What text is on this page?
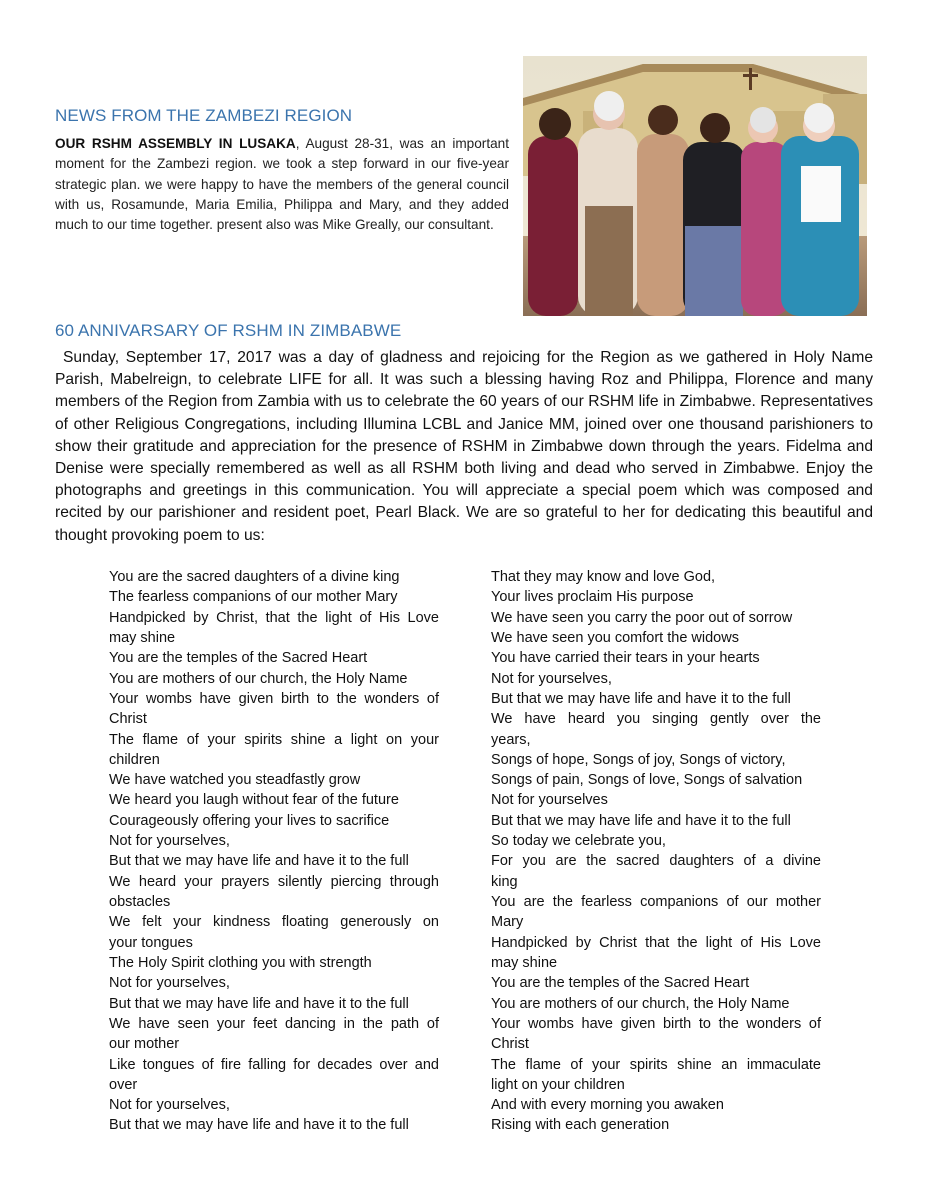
NEWS FROM THE ZAMBEZI REGION
OUR RSHM ASSEMBLY IN LUSAKA, August 28-31, was an important moment for the Zambezi region. we took a step forward in our five-year strategic plan. we were happy to have the members of the general council with us, Rosamunde, Maria Emilia, Philippa and Mary, and they added much to our time together. present also was Mike Greally, our consultant.
60 ANNIVARSARY OF RSHM IN ZIMBABWE
Sunday, September 17, 2017 was a day of gladness and rejoicing for the Region as we gathered in Holy Name Parish, Mabelreign, to celebrate LIFE for all. It was such a blessing having Roz and Philippa, Florence and many members of the Region from Zambia with us to celebrate the 60 years of our RSHM life in Zimbabwe. Representatives of other Religious Congregations, including Illumina LCBL and Janice MM, joined over one thousand parishioners to show their gratitude and appreciation for the presence of RSHM in Zimbabwe down through the years. Fidelma and Denise were specially remembered as well as all RSHM both living and dead who served in Zimbabwe. Enjoy the photographs and greetings in this communication. You will appreciate a special poem which was composed and recited by our parishioner and resident poet, Pearl Black. We are so grateful to her for dedicating this beautiful and thought provoking poem to us:
You are the sacred daughters of a divine king
The fearless companions of our mother Mary
Handpicked by Christ, that the light of His Love
may shine
You are the temples of the Sacred Heart
You are mothers of our church, the Holy Name
Your wombs have given birth to the wonders of
Christ
The flame of your spirits shine a light on your
children
We have watched you steadfastly grow
We heard you laugh without fear of the future
Courageously offering your lives to sacrifice
Not for yourselves,
But that we may have life and have it to the full
We heard your prayers silently piercing through
obstacles
We felt your kindness floating generously on
your tongues
The Holy Spirit clothing you with strength
Not for yourselves,
But that we may have life and have it to the full
We have seen your feet dancing in the path of
our mother
Like tongues of fire falling for decades over and
over
Not for yourselves,
But that we may have life and have it to the full
That they may know and love God,
Your lives proclaim His purpose
We have seen you carry the poor out of sorrow
We have seen you comfort the widows
You have carried their tears in your hearts
Not for yourselves,
But that we may have life and have it to the full
We have heard you singing gently over the
years,
Songs of hope, Songs of joy, Songs of victory,
Songs of pain, Songs of love, Songs of salvation
Not for yourselves
But that we may have life and have it to the full
So today we celebrate you,
For you are the sacred daughters of a divine
king
You are the fearless companions of our mother
Mary
Handpicked by Christ that the light of His Love
may shine
You are the temples of the Sacred Heart
You are mothers of our church, the Holy Name
Your wombs have given birth to the wonders of
Christ
The flame of your spirits shine an immaculate
light on your children
And with every morning you awaken
Rising with each generation
